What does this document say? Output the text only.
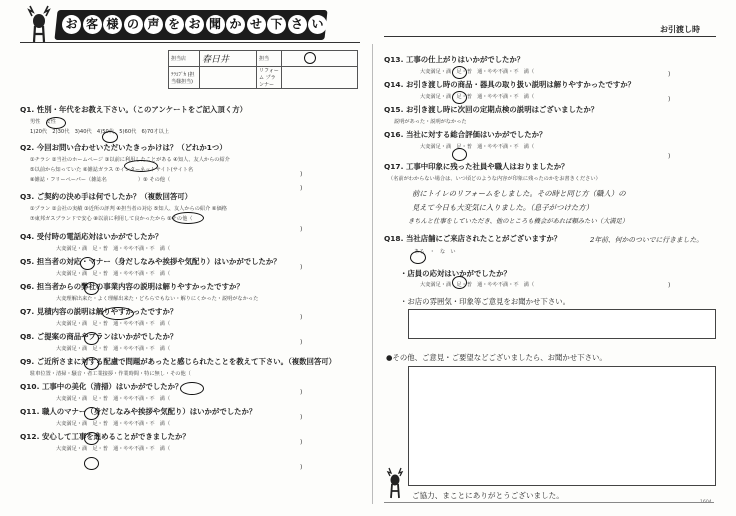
お 客 様 の 声 を お 聞 か せ 下 さ い	お引渡し時
担当店	春日井	担当	
ﾃﾗｺﾌﾞｶ (担当様担当)		リフォーム プランナー	
Q1. 性別・年代をお教え下さい。（このアンケートをご記入頂く方）
男性　女性
1)20代　2)30代　3)40代　4)50代　5)60代　6)70才以上
Q2. 今回お問い合わせいただいたきっかけは？（どれか1つ）
①チラシ ②当社のホームページ ③以前に利用したことがある ④知人、友人からの紹介
⑤以前から知っていた ⑥雑誌ガラス ⑦インターネットサイト(サイト名
⑧雑誌・フリーペーパー（雑誌名　　　　　　）⑨ その他（
Q3. ご契約の決め手は何でしたか？（複数回答可）
①プラン ②会社の実績 ③近所の評判 ④担当者の対応 ⑤知人、友人からの紹介 ⑥価格
⑦東邦ガスブランドで安心 ⑧以前に利用して良かったから ⑨その他（
Q4. 受付時の電話応対はいかがでしたか？
大変満足・満　足・普　通・やや不満・不　満（
Q5. 担当者の対応・マナー（身だしなみや挨拶や気配り）はいかがでしたか？
大変満足・満　足・普　通・やや不満・不　満（
Q6. 担当者からの弊社の事業内容の説明は解りやすかったですか？
大変理解出来た・よく理解出来た・どちらでもない・解りにくかった・説明がなかった
Q7. 見積内容の説明は解りやすかったですか？
大変満足・満　足・普　通・やや不満・不　満（
Q8. ご提案の商品やプランはいかがでしたか？
大変満足・満　足・普　通・やや不満・不　満（
Q9. ご近所さまに対する配慮で問題があったと感じられたことを教えて下さい。（複数回答可）
駐車位置・清掃・騒音・者工業接拶・作業時間・特に無し・その他（
Q10. 工事中の美化（清掃）はいかがでしたか？
大変満足・満　足・普　通・やや不満・不　満（
Q11. 職人のマナー（身だしなみや挨拶や気配り）はいかがでしたか？
大変満足・満　足・普　通・やや不満・不　満（
Q12. 安心して工事を進めることができましたか？
大変満足・満　足・普　通・やや不満・不　満（
)
)
)
)
)
)
)
)
)
)
Q13. 工事の仕上がりはいかがでしたか？
大変満足・満　足・普　通・やや不満・不　満（
Q14. お引き渡し時の商品・器具の取り扱い説明は解りやすかったですか？
大変満足・満　足・普　通・やや不満・不　満（
Q15. お引き渡し時に次回の定期点検の説明はございましたか？
説明があった・説明がなかった
Q16. 当社に対する総合評価はいかがでしたか？
大変満足・満　足・普　通・やや不満・不　満（
Q17. 工事中印象に残った社員や職人はおりましたか？
（名前がわからない場合は、いつ頃どのような内容が印象に残ったのかをお書きください）
Q18. 当社店舗にご来店されたことがございますか？
ある　・　な　い
)
)
)
)
前にトイレのリフォームをしました。その時と同じ方（職人）の
見えて今日も大変気に入りました。（息子がつけた方）
きちんと仕事をしていただき、他のところも機会があれば頼みたい（大満足）
2年前、何かのついでに行きました。
・店員の応対はいかがでしたか？
大変満足・満　足・普　通・やや不満・不　満（
・お店の雰囲気・印象等ご意見をお聞かせ下さい。
●その他、ご意見・ご要望などございましたら、お聞かせ下さい。
ご協力、まことにありがとうございました。
1604
